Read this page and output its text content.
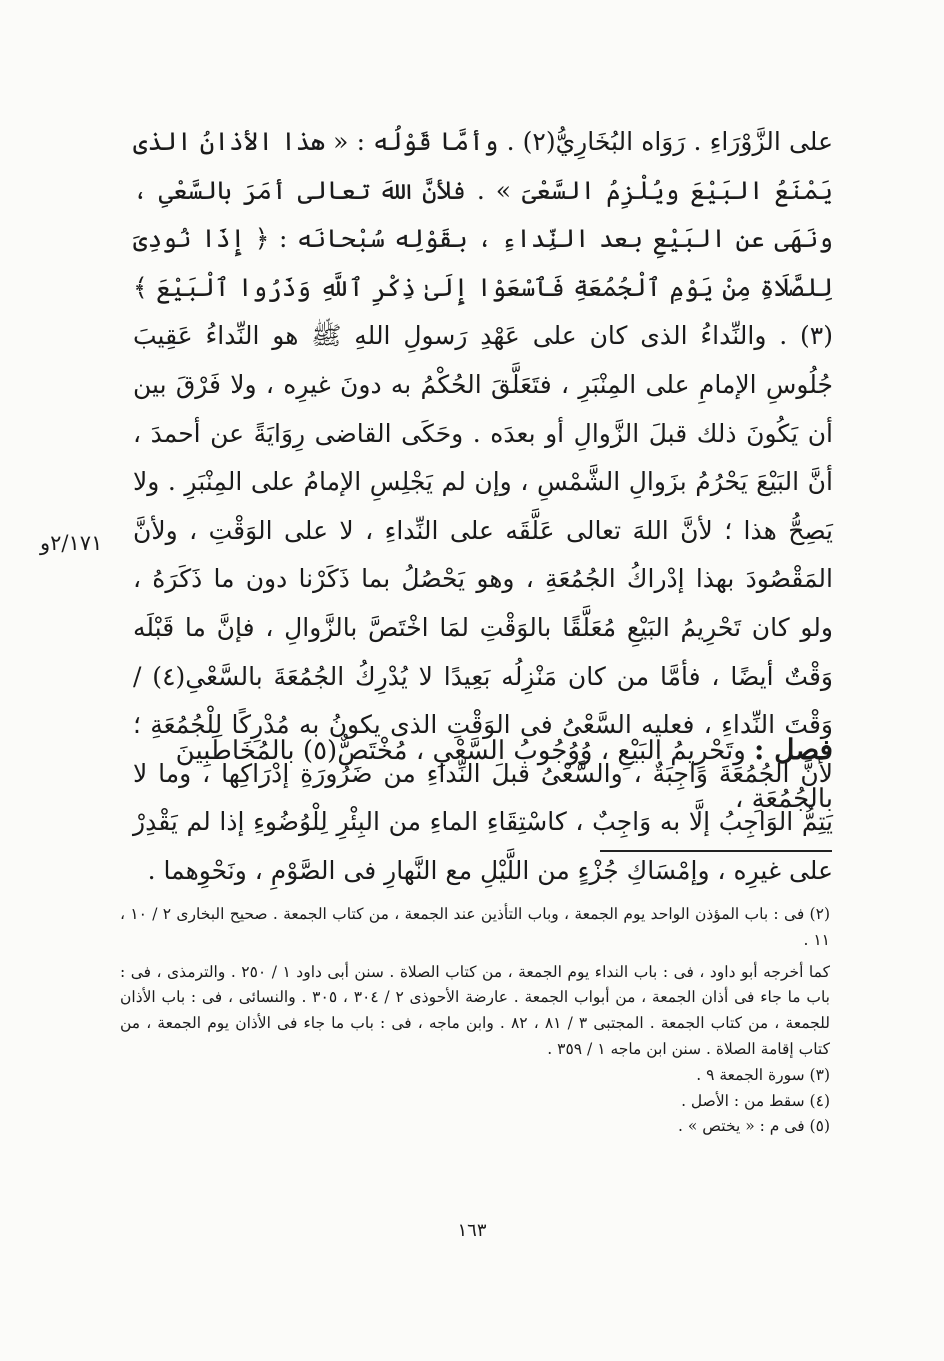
على الزَّوْرَاءِ . رَوَاه البُخَارِيُّ(٢) . وأمَّا قَوْلُه : « هذا الأذانُ الذى يَمْنَعُ البَيْعَ ويُلْزِمُ السَّعْىَ » . فلأنَّ اللهَ تعالى أمَرَ بالسَّعْىِ ، ونَهَى عن البَيْعِ بعد النِّداءِ ، بقَوْلِه سُبْحانَه : ﴿ إِذَا نُودِىَ لِلصَّلَاةِ مِنْ يَوْمِ ٱلْجُمُعَةِ فَٱسْعَوْا إِلَىٰ ذِكْرِ ٱللَّهِ وَذَرُوا ٱلْبَيْعَ ﴾(٣) . والنِّداءُ الذى كان على عَهْدِ رَسولِ اللهِ ﷺ هو النِّداءُ عَقِيبَ جُلُوسِ الإمامِ على المِنْبَرِ ، فتَعَلَّقَ الحُكْمُ به دونَ غيرِه ، ولا فَرْقَ بين أن يَكُونَ ذلك قبلَ الزَّوالِ أو بعدَه . وحَكَى القاضى رِوَايَةً عن أحمدَ ، أنَّ البَيْعَ يَحْرُمُ بزَوالِ الشَّمْسِ ، وإن لم يَجْلِسِ الإمامُ على المِنْبَرِ . ولا يَصِحُّ هذا ؛ لأنَّ اللهَ تعالى عَلَّقَه على النِّداءِ ، لا على الوَقْتِ ، ولأنَّ المَقْصُودَ بهذا إدْراكُ الجُمُعَةِ ، وهو يَحْصُلُ بما ذَكَرْنا دون ما ذَكَرَهُ ، ولو كان تَحْرِيمُ البَيْعِ مُعَلَّقًا بالوَقْتِ لمَا اخْتَصَّ بالزَّوالِ ، فإنَّ ما قَبْلَه وَقْتٌ أيضًا ، فأمَّا من كان مَنْزِلُه بَعِيدًا لا يُدْرِكُ الجُمُعَةَ بالسَّعْىِ(٤) / وَقْتَ النِّداءِ ، فعليه السَّعْىُ فى الوَقْتِ الذى يكونُ به مُدْرِكًا لِلْجُمُعَةِ ؛ لأنَّ الجُمُعَةَ وَاجِبَةٌ ، والسَّعْىُ قبلَ النِّداءِ من ضَرُورَةِ إدْرَاكِها ، وما لا يَتِمُّ الوَاجِبُ إلَّا به وَاجِبٌ ، كاسْتِقَاءِ الماءِ من البِئْرِ لِلْوُضُوءِ إذا لم يَقْدِرْ على غيرِه ، وإمْسَاكِ جُزْءٍ من اللَّيْلِ مع النَّهارِ فى الصَّوْمِ ، ونَحْوِهما .

٢/١٧١و
فصل : وتَحْرِيمُ البَيْعِ ، وُوُجُوبُ السَّعْىِ ، مُخْتَصٌّ(٥) بالمُخَاطَبِينَ بالجُمُعَةِ ،

(٢) فى : باب المؤذن الواحد يوم الجمعة ، وباب التأذين عند الجمعة ، من كتاب الجمعة . صحيح البخارى ٢ / ١٠ ، ١١ .

كما أخرجه أبو داود ، فى : باب النداء يوم الجمعة ، من كتاب الصلاة . سنن أبى داود ١ / ٢٥٠ . والترمذى ، فى : باب ما جاء فى أذان الجمعة ، من أبواب الجمعة . عارضة الأحوذى ٢ / ٣٠٤ ، ٣٠٥ . والنسائى ، فى : باب الأذان للجمعة ، من كتاب الجمعة . المجتبى ٣ / ٨١ ، ٨٢ . وابن ماجه ، فى : باب ما جاء فى الأذان يوم الجمعة ، من كتاب إقامة الصلاة . سنن ابن ماجه ١ / ٣٥٩ .

(٣) سورة الجمعة ٩ .

(٤) سقط من : الأصل .

(٥) فى م : « يختص » .

١٦٣
